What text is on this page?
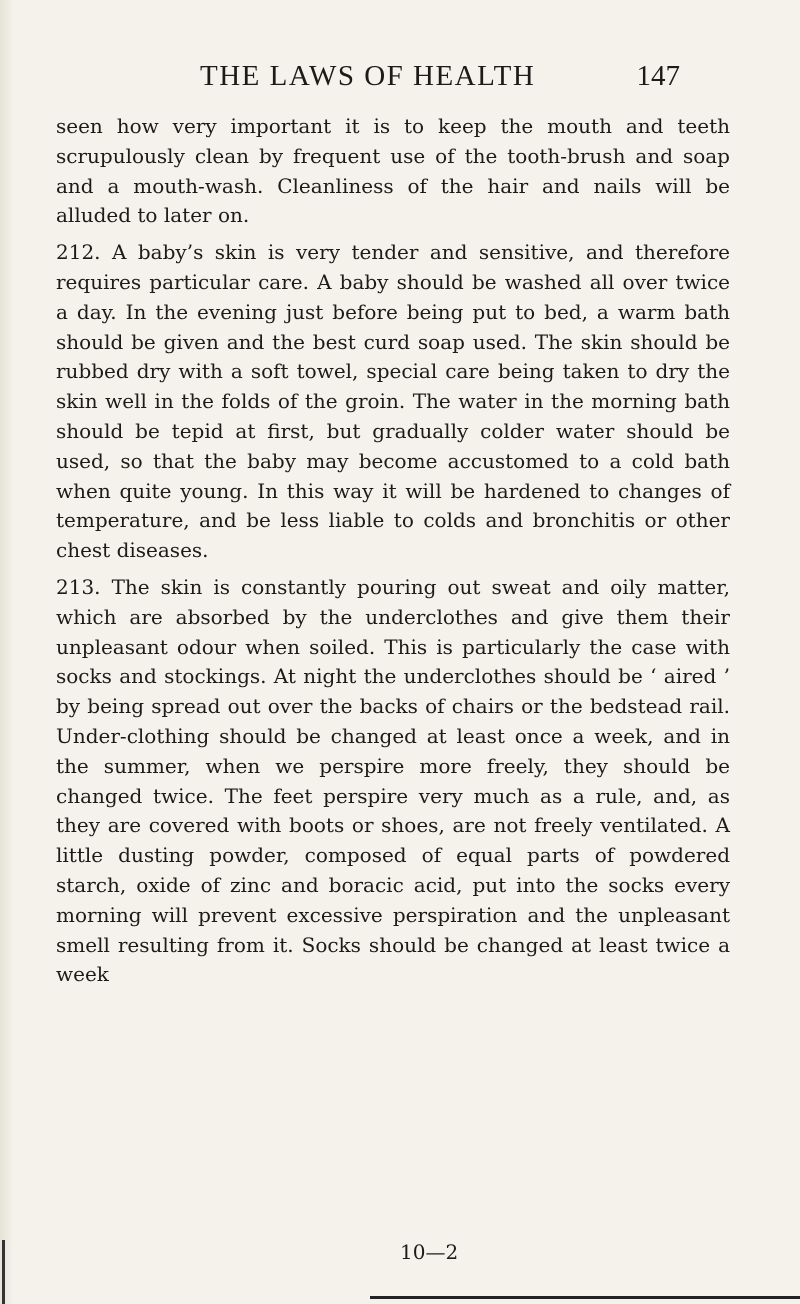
THE LAWS OF HEALTH	147

seen how very important it is to keep the mouth and teeth scrupulously clean by frequent use of the tooth-brush and soap and a mouth-wash. Cleanliness of the hair and nails will be alluded to later on.

212. A baby’s skin is very tender and sensitive, and therefore requires particular care. A baby should be washed all over twice a day. In the evening just before being put to bed, a warm bath should be given and the best curd soap used. The skin should be rubbed dry with a soft towel, special care being taken to dry the skin well in the folds of the groin. The water in the morning bath should be tepid at first, but gradually colder water should be used, so that the baby may become accustomed to a cold bath when quite young. In this way it will be hardened to changes of temperature, and be less liable to colds and bronchitis or other chest diseases.

213. The skin is constantly pouring out sweat and oily matter, which are absorbed by the underclothes and give them their unpleasant odour when soiled. This is particularly the case with socks and stockings. At night the underclothes should be ‘ aired ’ by being spread out over the backs of chairs or the bedstead rail. Under-clothing should be changed at least once a week, and in the summer, when we perspire more freely, they should be changed twice. The feet perspire very much as a rule, and, as they are covered with boots or shoes, are not freely ventilated. A little dusting powder, composed of equal parts of powdered starch, oxide of zinc and boracic acid, put into the socks every morning will prevent excessive perspiration and the unpleasant smell resulting from it. Socks should be changed at least twice a week

10—2
